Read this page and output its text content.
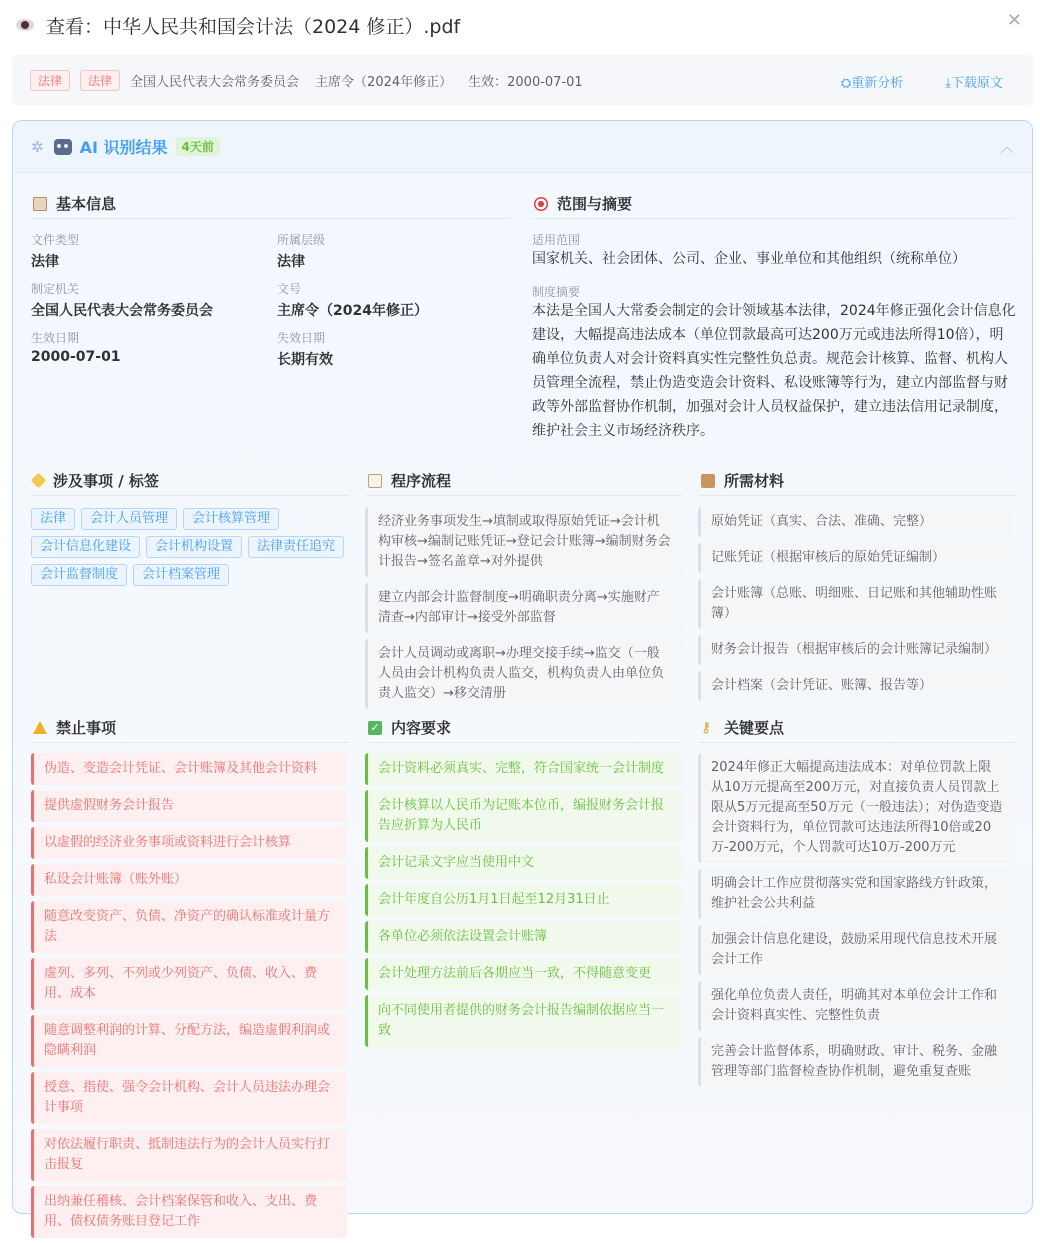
查看：中华人民共和国会计法（2024 修正）.pdf	✕
法律	法律	全国人民代表大会常务委员会 主席令（2024年修正） 生效：2000-07-01	⛭重新分析	⤓下载原文
✲ AI 识别结果	4天前	︿
基本信息
文件类型
法律
所属层级
法律
制定机关
全国人民代表大会常务委员会
文号
主席令（2024年修正）
生效日期
2000-07-01
失效日期
长期有效
范围与摘要
适用范围
国家机关、社会团体、公司、企业、事业单位和其他组织（统称单位）
制度摘要
本法是全国人大常委会制定的会计领域基本法律，2024年修正强化会计信息化建设，大幅提高违法成本（单位罚款最高可达200万元或违法所得10倍），明确单位负责人对会计资料真实性完整性负总责。规范会计核算、监督、机构人员管理全流程，禁止伪造变造会计资料、私设账簿等行为，建立内部监督与财政等外部监督协作机制，加强对会计人员权益保护，建立违法信用记录制度，维护社会主义市场经济秩序。
涉及事项 / 标签
法律 会计人员管理 会计核算管理会计信息化建设 会计机构设置 法律责任追究会计监督制度 会计档案管理
程序流程
经济业务事项发生→填制或取得原始凭证→会计机构审核→编制记账凭证→登记会计账簿→编制财务会计报告→签名盖章→对外提供
建立内部会计监督制度→明确职责分离→实施财产清查→内部审计→接受外部监督
会计人员调动或离职→办理交接手续→监交（一般人员由会计机构负责人监交，机构负责人由单位负责人监交）→移交清册
所需材料
原始凭证（真实、合法、准确、完整）
记账凭证（根据审核后的原始凭证编制）
会计账簿（总账、明细账、日记账和其他辅助性账簿）
财务会计报告（根据审核后的会计账簿记录编制）
会计档案（会计凭证、账簿、报告等）
禁止事项
伪造、变造会计凭证、会计账簿及其他会计资料
提供虚假财务会计报告
以虚假的经济业务事项或资料进行会计核算
私设会计账簿（账外账）
随意改变资产、负债、净资产的确认标准或计量方法
虚列、多列、不列或少列资产、负债、收入、费用、成本
随意调整利润的计算、分配方法，编造虚假利润或隐瞒利润
授意、指使、强令会计机构、会计人员违法办理会计事项
对依法履行职责、抵制违法行为的会计人员实行打击报复
出纳兼任稽核、会计档案保管和收入、支出、费用、债权债务账目登记工作
✓ 内容要求
会计资料必须真实、完整，符合国家统一会计制度
会计核算以人民币为记账本位币，编报财务会计报告应折算为人民币
会计记录文字应当使用中文
会计年度自公历1月1日起至12月31日止
各单位必须依法设置会计账簿
会计处理方法前后各期应当一致，不得随意变更
向不同使用者提供的财务会计报告编制依据应当一致
⚷ 关键要点
2024年修正大幅提高违法成本：对单位罚款上限从10万元提高至200万元，对直接负责人员罚款上限从5万元提高至50万元（一般违法）；对伪造变造会计资料行为，单位罚款可达违法所得10倍或20万-200万元，个人罚款可达10万-200万元
明确会计工作应贯彻落实党和国家路线方针政策，维护社会公共利益
加强会计信息化建设，鼓励采用现代信息技术开展会计工作
强化单位负责人责任，明确其对本单位会计工作和会计资料真实性、完整性负责
完善会计监督体系，明确财政、审计、税务、金融管理等部门监督检查协作机制，避免重复查账
